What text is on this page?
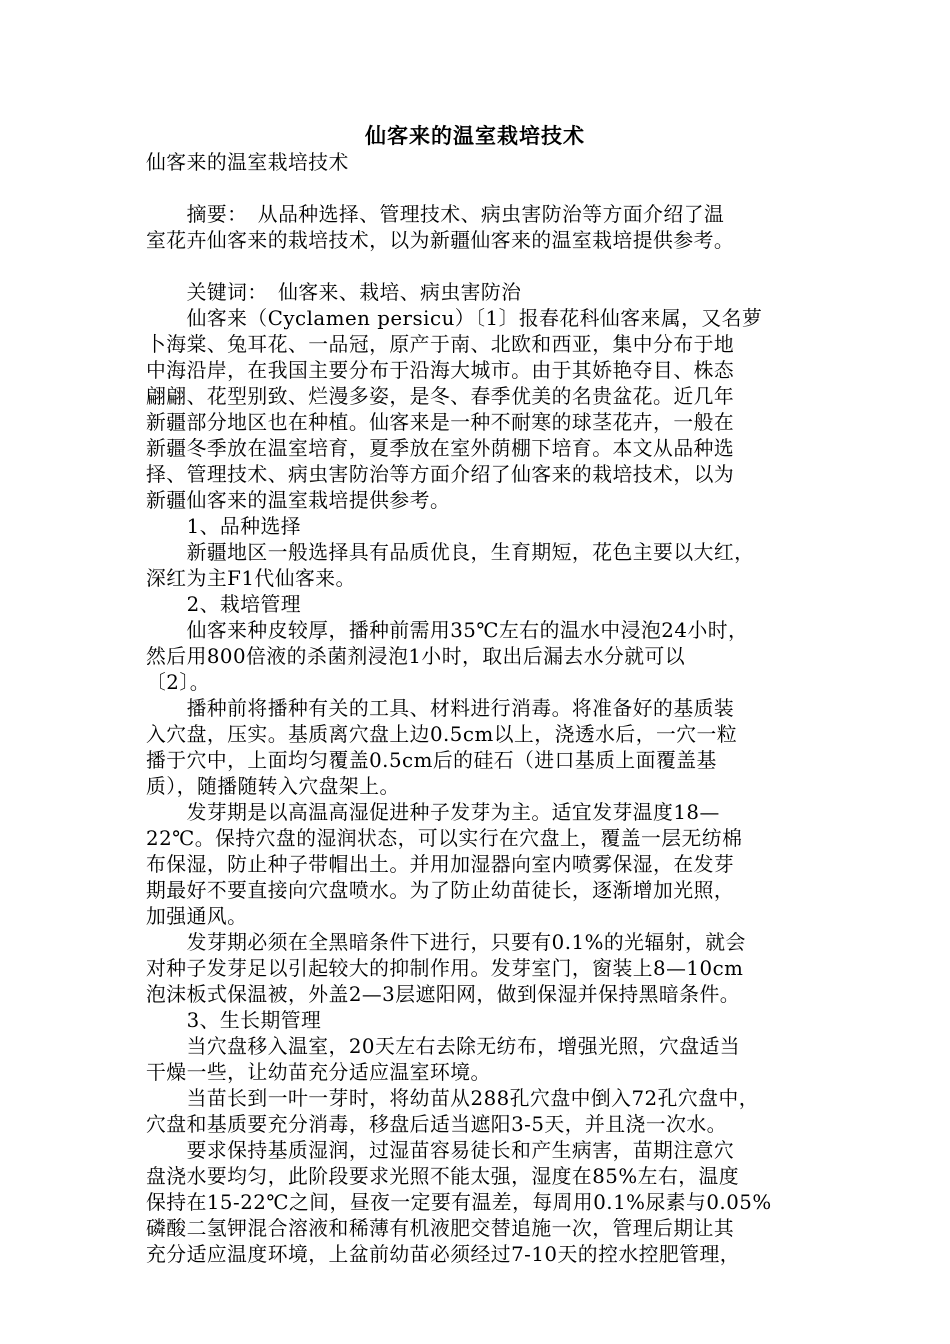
仙客来的温室栽培技术
仙客来的温室栽培技术
　　摘要：　从品种选择、管理技术、病虫害防治等方面介绍了温
室花卉仙客来的栽培技术，以为新疆仙客来的温室栽培提供参考。
　　关键词：　仙客来、栽培、病虫害防治
　　仙客来（Cyclamen persicu）〔1〕报春花科仙客来属，又名萝
卜海棠、兔耳花、一品冠，原产于南、北欧和西亚，集中分布于地
中海沿岸，在我国主要分布于沿海大城市。由于其娇艳夺目、株态
翩翩、花型别致、烂漫多姿，是冬、春季优美的名贵盆花。近几年
新疆部分地区也在种植。仙客来是一种不耐寒的球茎花卉，一般在
新疆冬季放在温室培育，夏季放在室外荫棚下培育。本文从品种选
择、管理技术、病虫害防治等方面介绍了仙客来的栽培技术，以为
新疆仙客来的温室栽培提供参考。
　　1、品种选择
　　新疆地区一般选择具有品质优良，生育期短，花色主要以大红，
深红为主F1代仙客来。
　　2、栽培管理
　　仙客来种皮较厚，播种前需用35℃左右的温水中浸泡24小时，
然后用800倍液的杀菌剂浸泡1小时，取出后漏去水分就可以
〔2〕。
　　播种前将播种有关的工具、材料进行消毒。将准备好的基质装
入穴盘，压实。基质离穴盘上边0.5cm以上，浇透水后，一穴一粒
播于穴中，上面均匀覆盖0.5cm后的硅石（进口基质上面覆盖基
质），随播随转入穴盘架上。
　　发芽期是以高温高湿促进种子发芽为主。适宜发芽温度18—
22℃。保持穴盘的湿润状态，可以实行在穴盘上，覆盖一层无纺棉
布保湿，防止种子带帽出土。并用加湿器向室内喷雾保湿，在发芽
期最好不要直接向穴盘喷水。为了防止幼苗徒长，逐渐增加光照，
加强通风。
　　发芽期必须在全黑暗条件下进行，只要有0.1%的光辐射，就会
对种子发芽足以引起较大的抑制作用。发芽室门，窗装上8—10cm
泡沫板式保温被，外盖2—3层遮阳网，做到保湿并保持黑暗条件。
　　3、生长期管理
　　当穴盘移入温室，20天左右去除无纺布，增强光照，穴盘适当
干燥一些，让幼苗充分适应温室环境。
　　当苗长到一叶一芽时，将幼苗从288孔穴盘中倒入72孔穴盘中，
穴盘和基质要充分消毒，移盘后适当遮阳3-5天，并且浇一次水。
　　要求保持基质湿润，过湿苗容易徒长和产生病害，苗期注意穴
盘浇水要均匀，此阶段要求光照不能太强，湿度在85%左右，温度
保持在15-22℃之间，昼夜一定要有温差，每周用0.1%尿素与0.05%
磷酸二氢钾混合溶液和稀薄有机液肥交替追施一次，管理后期让其
充分适应温度环境，上盆前幼苗必须经过7-10天的控水控肥管理，
